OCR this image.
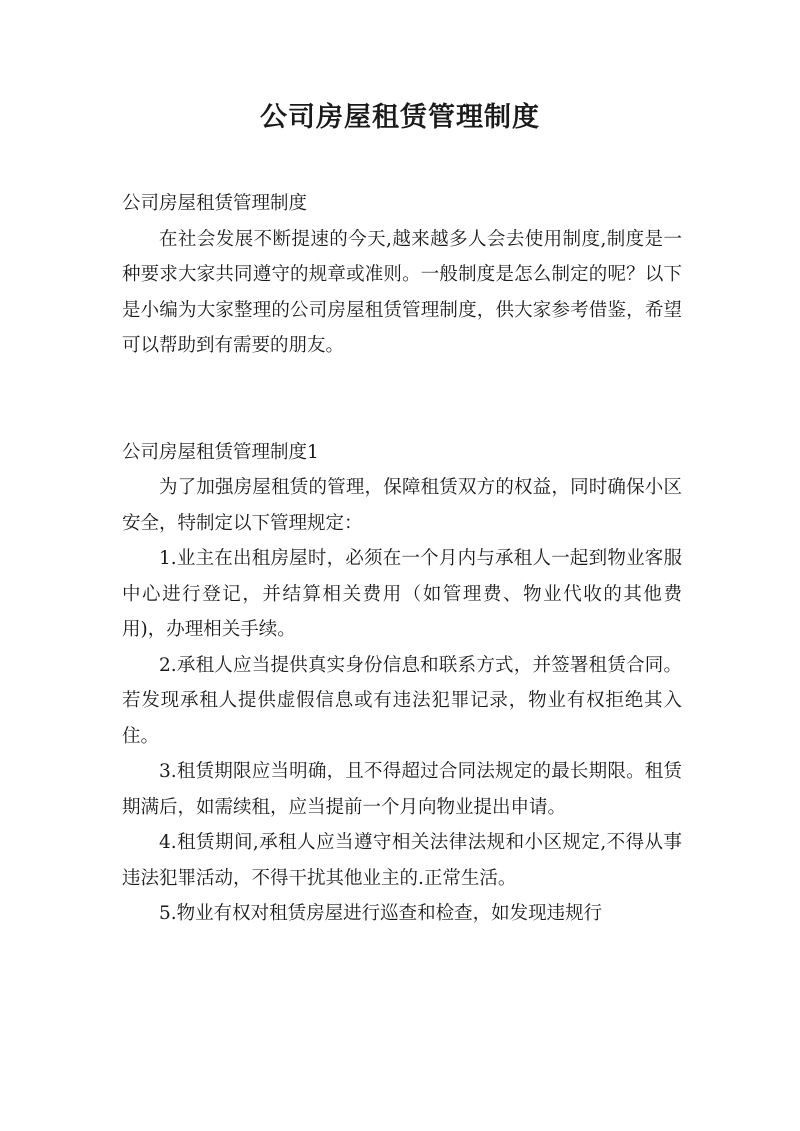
公司房屋租赁管理制度

公司房屋租赁管理制度

在社会发展不断提速的今天,越来越多人会去使用制度,制度是一种要求大家共同遵守的规章或准则。一般制度是怎么制定的呢？以下是小编为大家整理的公司房屋租赁管理制度，供大家参考借鉴，希望可以帮助到有需要的朋友。

公司房屋租赁管理制度1

为了加强房屋租赁的管理，保障租赁双方的权益，同时确保小区安全，特制定以下管理规定：

1.业主在出租房屋时，必须在一个月内与承租人一起到物业客服中心进行登记，并结算相关费用（如管理费、物业代收的其他费用)，办理相关手续。

2.承租人应当提供真实身份信息和联系方式，并签署租赁合同。若发现承租人提供虚假信息或有违法犯罪记录，物业有权拒绝其入住。

3.租赁期限应当明确，且不得超过合同法规定的最长期限。租赁期满后，如需续租，应当提前一个月向物业提出申请。

4.租赁期间,承租人应当遵守相关法律法规和小区规定,不得从事违法犯罪活动，不得干扰其他业主的.正常生活。

5.物业有权对租赁房屋进行巡查和检查，如发现违规行
